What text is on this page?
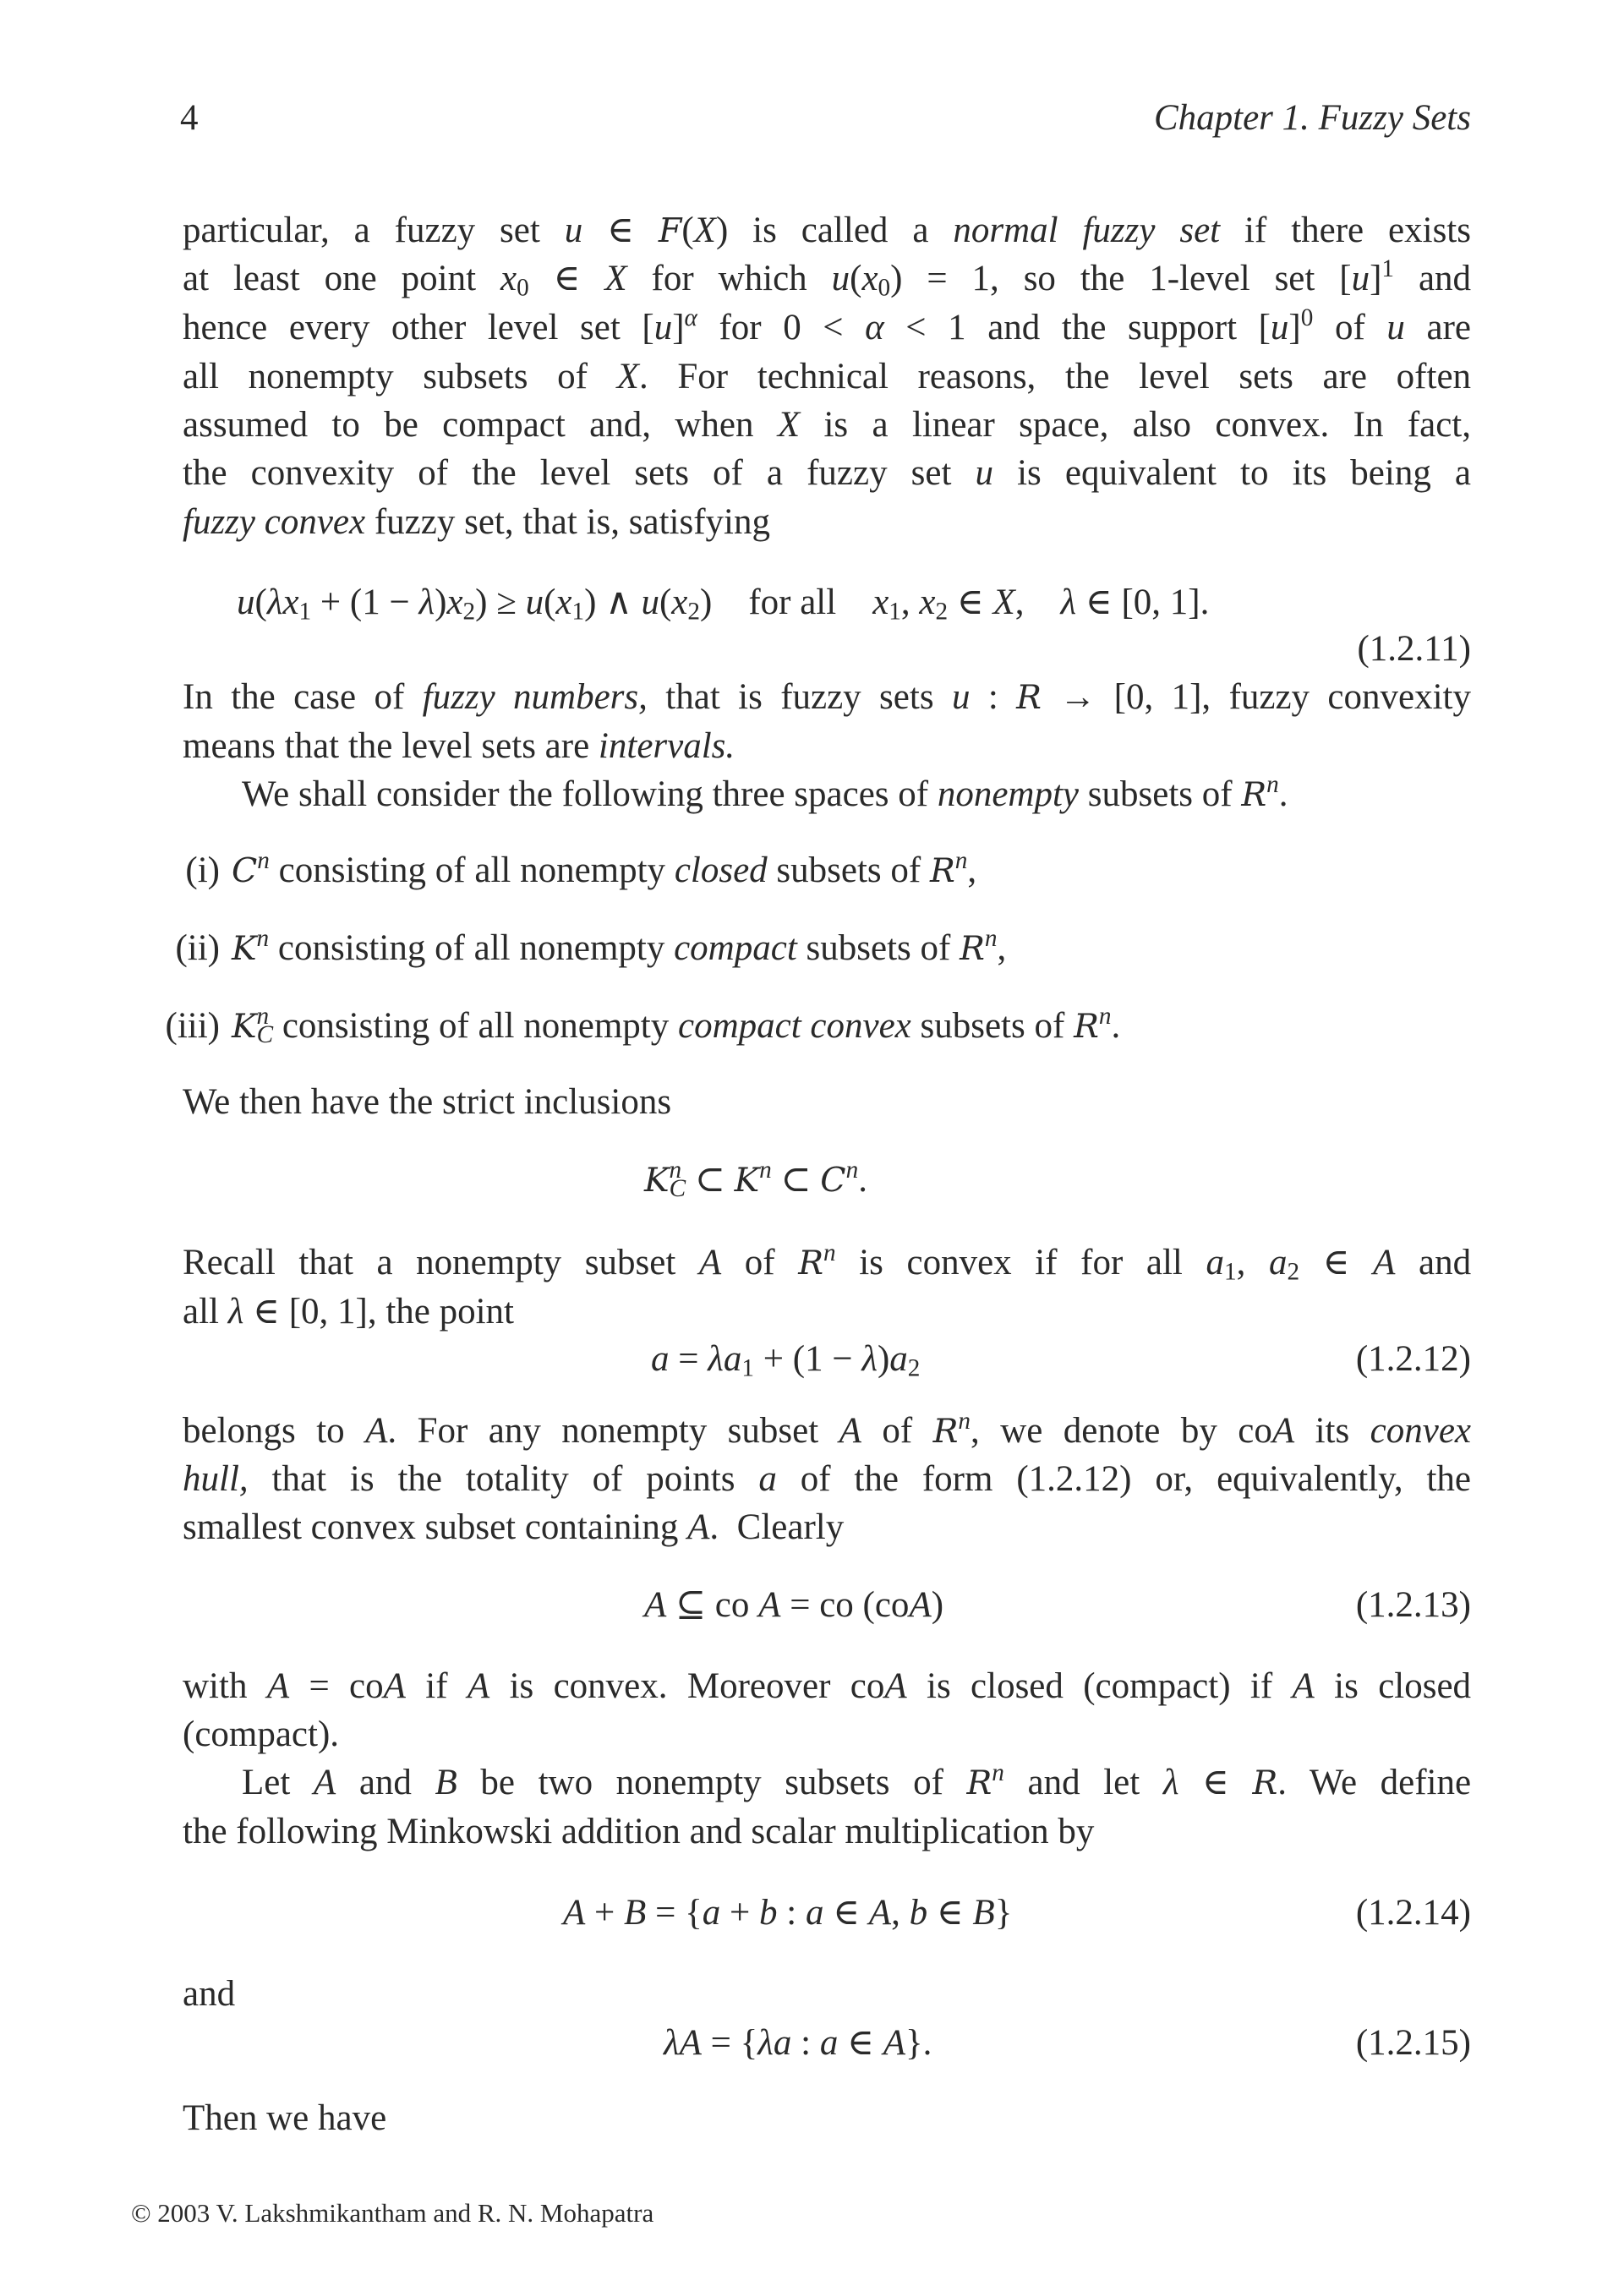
4	Chapter 1. Fuzzy Sets
particular, a fuzzy set u ∈ F(X) is called a normal fuzzy set if there exists
at least one point $x_0$ ∈ X for which $u(x_0) = 1$, so the 1-level set $[u]^1$ and
hence every other level set $[u]^\alpha$ for 0 < α < 1 and the support $[u]^0$ of u are
all nonempty subsets of X. For technical reasons, the level sets are often
assumed to be compact and, when X is a linear space, also convex. In fact,
the convexity of the level sets of a fuzzy set u is equivalent to its being a
fuzzy convex fuzzy set, that is, satisfying
$u(\lambda x_1 + (1 - \lambda)x_2) \ge u(x_1)$ ∧ $u(x_2)$    for all $x_1$, $x_2$ ∈ X,    λ ∈ [0, 1].
(1.2.11)
In the case of fuzzy numbers, that is fuzzy sets u : R → [0, 1], fuzzy convexity
means that the level sets are intervals.
We shall consider the following three spaces of nonempty subsets of $R^n$.
(i) $C^n$ consisting of all nonempty closed subsets of $R^n$,
(ii) $K^n$ consisting of all nonempty compact subsets of $R^n$,
(iii) $K^n_C$ consisting of all nonempty compact convex subsets of $R^n$.
We then have the strict inclusions
$K^n_C$ ⊂ $K^n$ ⊂ $C^n$.
Recall that a nonempty subset A of $R^n$ is convex if for all $a_1$, $a_2$ ∈ A and
all λ ∈ [0, 1], the point
$a = \lambda a_1 + (1 - \lambda)a_2$	(1.2.12)
belongs to A. For any nonempty subset A of $R^n$, we denote by coA its convex
hull, that is the totality of points a of the form (1.2.12) or, equivalently, the
smallest convex subset containing A.  Clearly
A ⊆ co A = co (coA)	(1.2.13)
with A = coA if A is convex. Moreover coA is closed (compact) if A is closed
(compact).
Let A and B be two nonempty subsets of $R^n$ and let λ ∈ R. We define
the following Minkowski addition and scalar multiplication by
A + B = {a + b : a ∈ A, b ∈ B}	(1.2.14)
and
λA = {λa : a ∈ A}.	(1.2.15)
Then we have
© 2003 V. Lakshmikantham and R. N. Mohapatra
